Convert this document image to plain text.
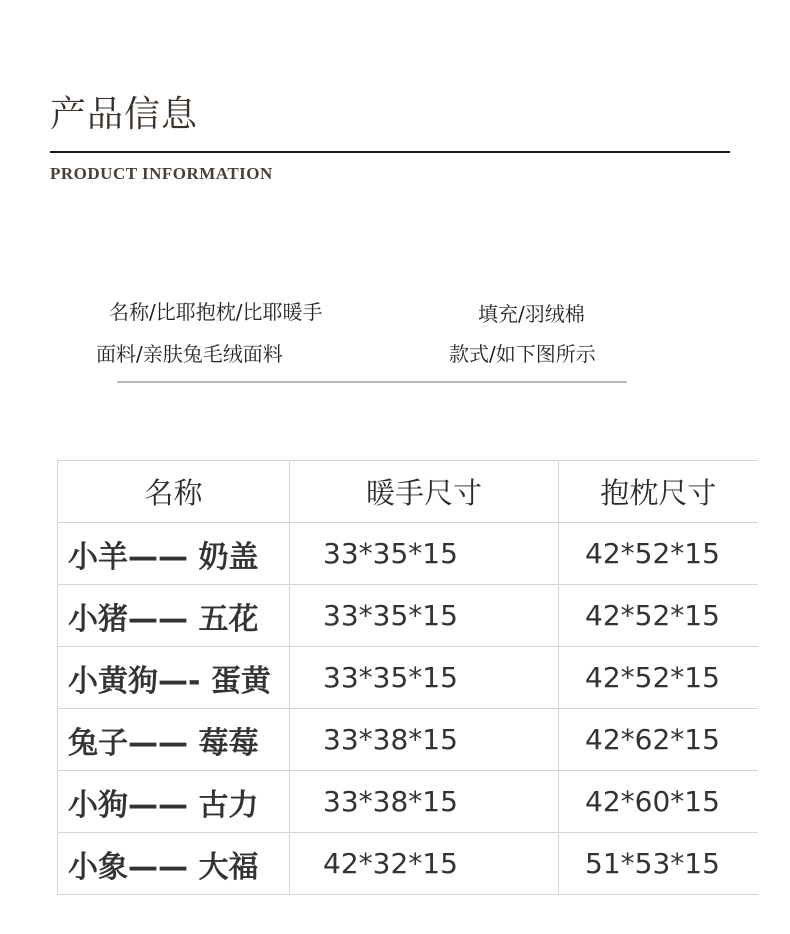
产品信息
PRODUCT INFORMATION
名称/比耶抱枕/比耶暖手	填充/羽绒棉
面料/亲肤兔毛绒面料	款式/如下图所示
名称	暖手尺寸	抱枕尺寸
小羊—— 奶盖	33*35*15	42*52*15
小猪—— 五花	33*35*15	42*52*15
小黄狗—- 蛋黄	33*35*15	42*52*15
兔子—— 莓莓	33*38*15	42*62*15
小狗—— 古力	33*38*15	42*60*15
小象—— 大福	42*32*15	51*53*15
